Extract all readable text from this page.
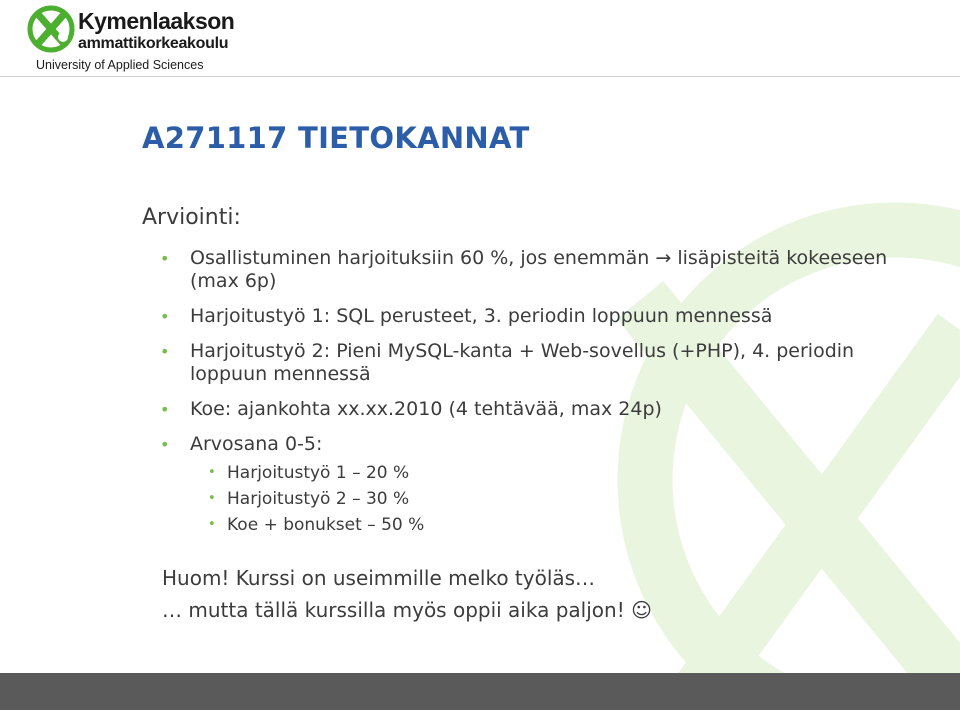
Kymenlaakson
ammattikorkeakoulu
University of Applied Sciences
A271117 TIETOKANNAT
Arviointi:
• Osallistuminen harjoituksiin 60 %, jos enemmän → lisäpisteitä kokeeseen (max 6p)
• Harjoitustyö 1: SQL perusteet, 3. periodin loppuun mennessä
• Harjoitustyö 2: Pieni MySQL-kanta + Web-sovellus (+PHP), 4. periodin loppuun mennessä
• Koe: ajankohta xx.xx.2010 (4 tehtävää, max 24p)
• Arvosana 0-5:
• Harjoitustyö 1 – 20 %
• Harjoitustyö 2 – 30 %
• Koe + bonukset – 50 %
Huom! Kurssi on useimmille melko työläs…
… mutta tällä kurssilla myös oppii aika paljon! ☺
